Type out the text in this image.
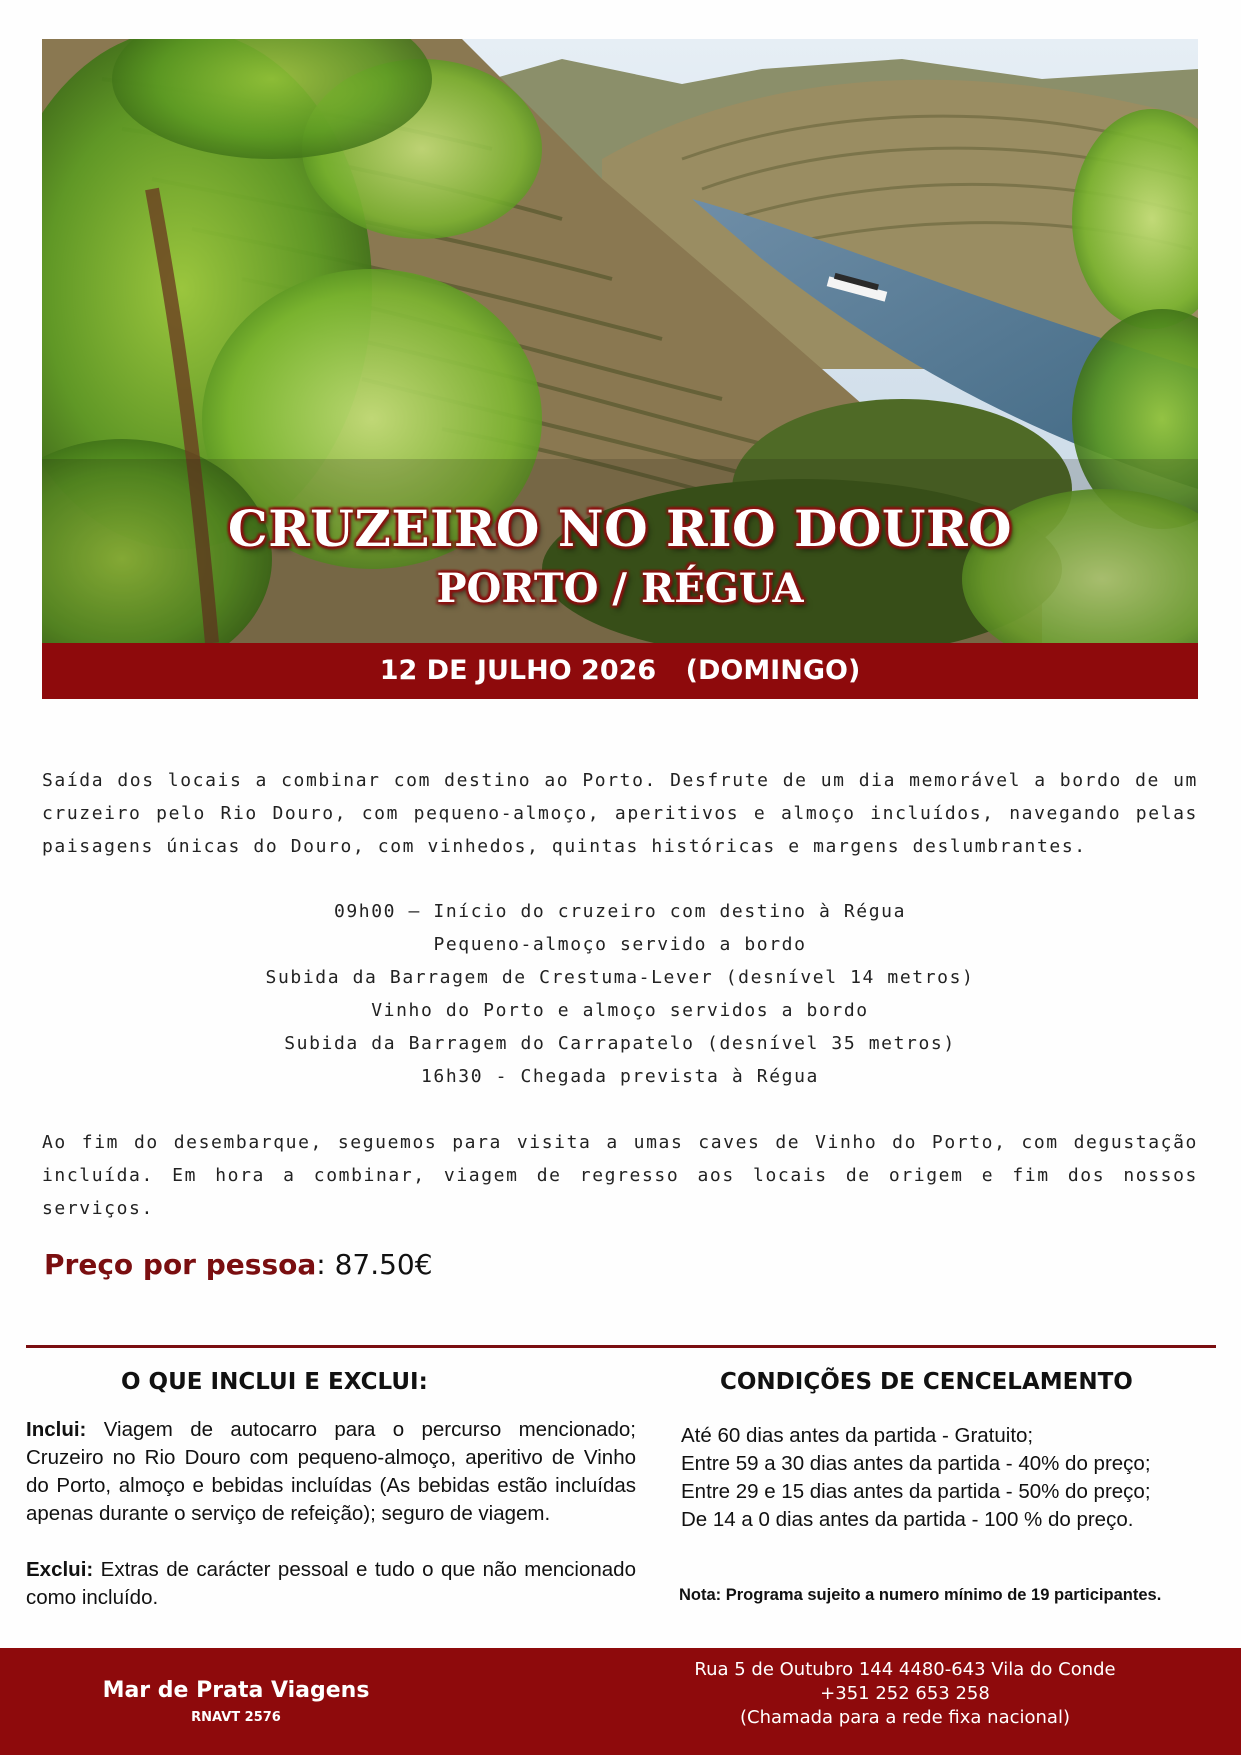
CRUZEIRO NO RIO DOURO
PORTO / RÉGUA
12 DE JULHO 2026 (DOMINGO)

Saída dos locais a combinar com destino ao Porto. Desfrute de um dia memorável a bordo de um cruzeiro pelo Rio Douro, com pequeno-almoço, aperitivos e almoço incluídos, navegando pelas paisagens únicas do Douro, com vinhedos, quintas históricas e margens deslumbrantes.

09h00 – Início do cruzeiro com destino à Régua
Pequeno-almoço servido a bordo
Subida da Barragem de Crestuma-Lever (desnível 14 metros)
Vinho do Porto e almoço servidos a bordo
Subida da Barragem do Carrapatelo (desnível 35 metros)
16h30 - Chegada prevista à Régua

Ao fim do desembarque, seguemos para visita a umas caves de Vinho do Porto, com degustação incluída. Em hora a combinar, viagem de regresso aos locais de origem e fim dos nossos serviços.

Preço por pessoa: 87.50€
O QUE INCLUI E EXCLUI:	CONDIÇÕES DE CENCELAMENTO

Inclui: Viagem de autocarro para o percurso mencionado; Cruzeiro no Rio Douro com pequeno-almoço, aperitivo de Vinho do Porto, almoço e bebidas incluídas (As bebidas estão incluídas apenas durante o serviço de refeição); seguro de viagem.

Exclui: Extras de carácter pessoal e tudo o que não mencionado como incluído.

Até 60 dias antes da partida - Gratuito;
Entre 59 a 30 dias antes da partida - 40% do preço;
Entre 29 e 15 dias antes da partida - 50% do preço;
De 14 a 0 dias antes da partida - 100 % do preço.
Nota: Programa sujeito a numero mínimo de 19 participantes.
Mar de Prata Viagens
RNAVT 2576
Rua 5 de Outubro 144 4480-643 Vila do Conde
+351 252 653 258
(Chamada para a rede fixa nacional)
